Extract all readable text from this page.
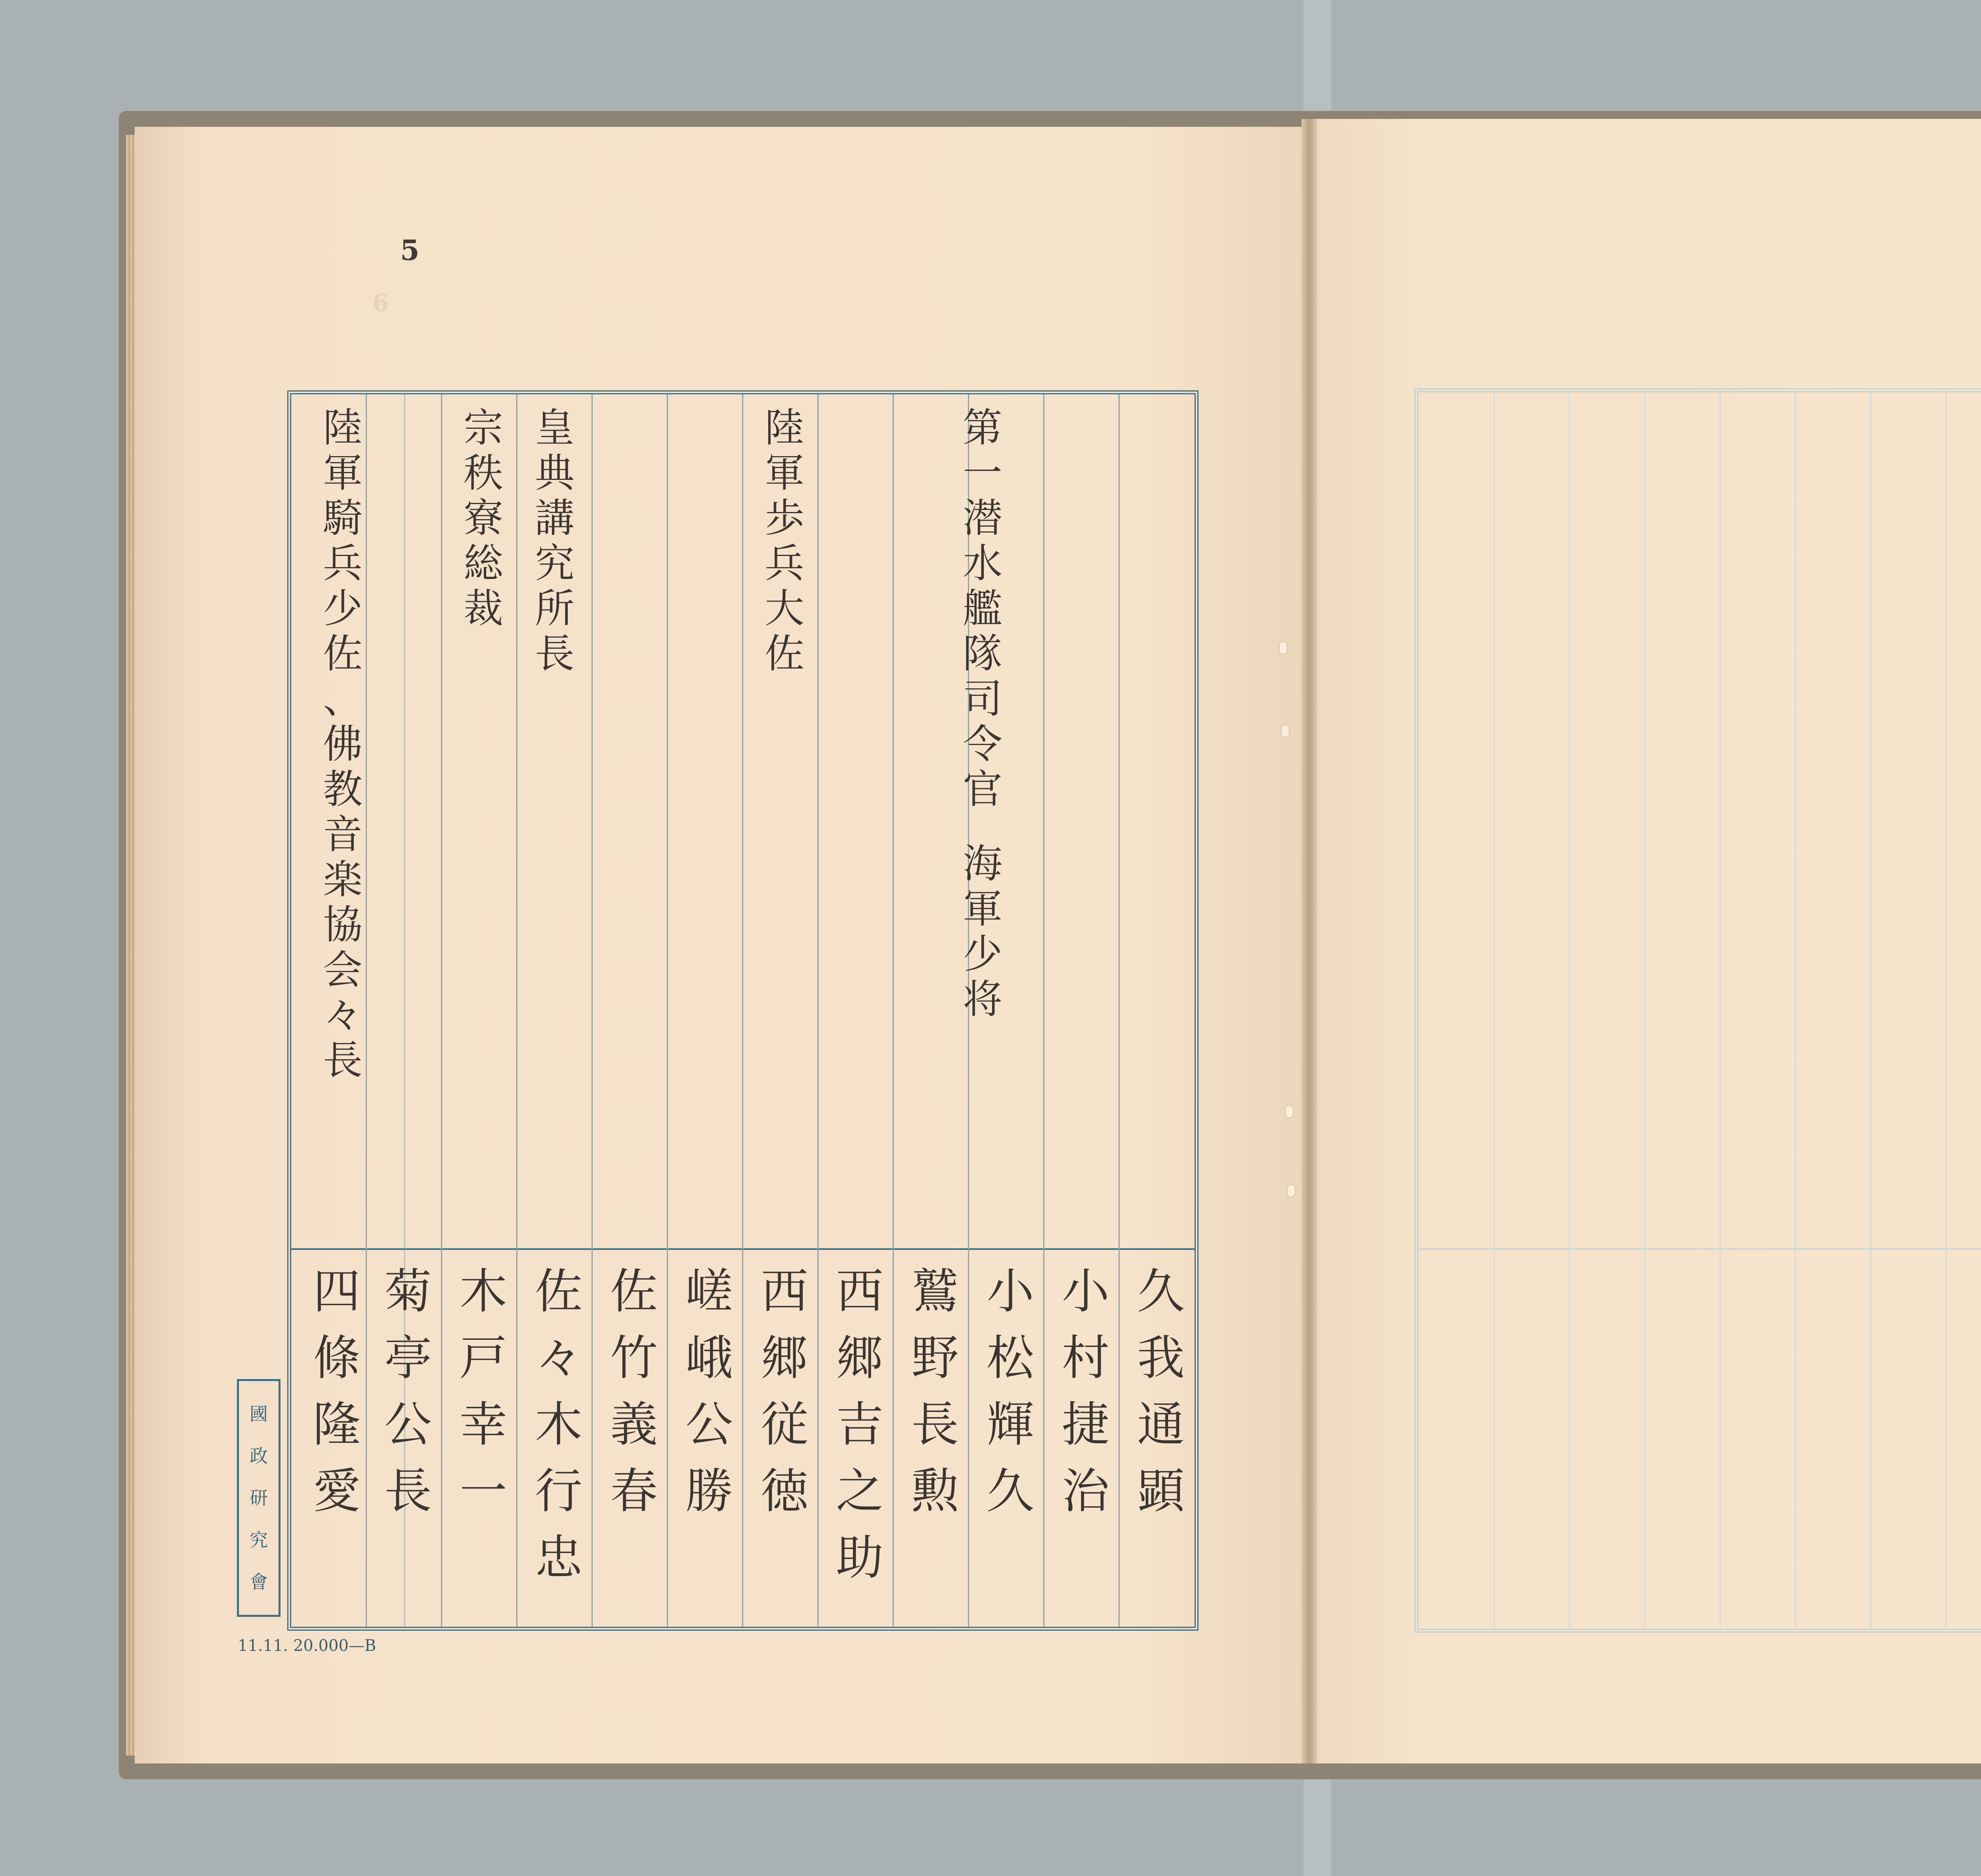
5
6
第
一
潜
水
艦
隊
司
令
官
海
軍
少
将
陸
軍
歩
兵
大
佐
皇
典
講
究
所
長
宗
秩
寮
総
裁
陸
軍
騎
兵
少
佐
、
佛
教
音
楽
協
会
々
長
久
我
通
顕
小
村
捷
治
小
松
輝
久
鷲
野
長
勲
西
郷
吉
之
助
西
郷
従
徳
嵯
峨
公
勝
佐
竹
義
春
佐
々
木
行
忠
木
戸
幸
一
菊
亭
公
長
四
條
隆
愛
國
政
研
究
會
11.11. 20.000—B
